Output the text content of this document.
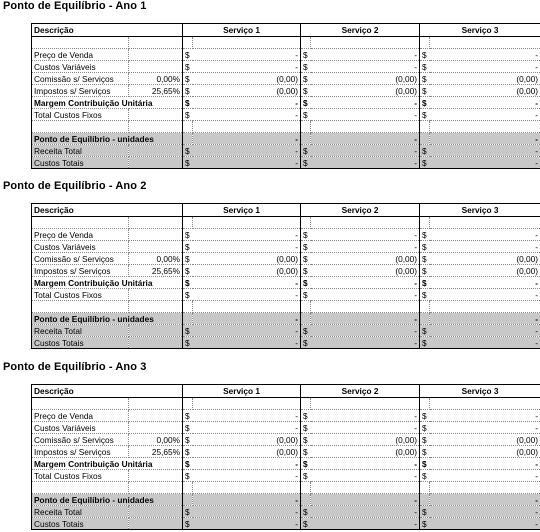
Ponto de Equilíbrio - Ano 1
Descrição		Serviço 1		Serviço 2		Serviço 3	

Preço de Venda		$	-	$	-	$	-
Custos Variáveis		$	-	$	-	$	-
Comissão s/ Serviços	0,00%	$	(0,00)	$	(0,00)	$	(0,00)
Impostos s/ Serviços	25,65%	$	(0,00)	$	(0,00)	$	(0,00)
Margem Contribuição Unitária		$	-	$	-	$	-
Total Custos Fixos		$	-	$	-	$	-

Ponto de Equilíbrio - unidades			-		-		-
Receita Total		$	-	$	-	$	-
Custos Totais		$	-	$	-	$	-
Ponto de Equilíbrio - Ano 2
Descrição		Serviço 1		Serviço 2		Serviço 3	

Preço de Venda		$	-	$	-	$	-
Custos Variáveis		$	-	$	-	$	-
Comissão s/ Serviços	0,00%	$	(0,00)	$	(0,00)	$	(0,00)
Impostos s/ Serviços	25,65%	$	(0,00)	$	(0,00)	$	(0,00)
Margem Contribuição Unitária		$	-	$	-	$	-
Total Custos Fixos		$	-	$	-	$	-

Ponto de Equilíbrio - unidades			-		-		-
Receita Total		$	-	$	-	$	-
Custos Totais		$	-	$	-	$	-
Ponto de Equilíbrio - Ano 3
Descrição		Serviço 1		Serviço 2		Serviço 3	

Preço de Venda		$	-	$	-	$	-
Custos Variáveis		$	-	$	-	$	-
Comissão s/ Serviços	0,00%	$	(0,00)	$	(0,00)	$	(0,00)
Impostos s/ Serviços	25,65%	$	(0,00)	$	(0,00)	$	(0,00)
Margem Contribuição Unitária		$	-	$	-	$	-
Total Custos Fixos		$	-	$	-	$	-

Ponto de Equilíbrio - unidades			-		-		-
Receita Total		$	-	$	-	$	-
Custos Totais		$	-	$	-	$	-
